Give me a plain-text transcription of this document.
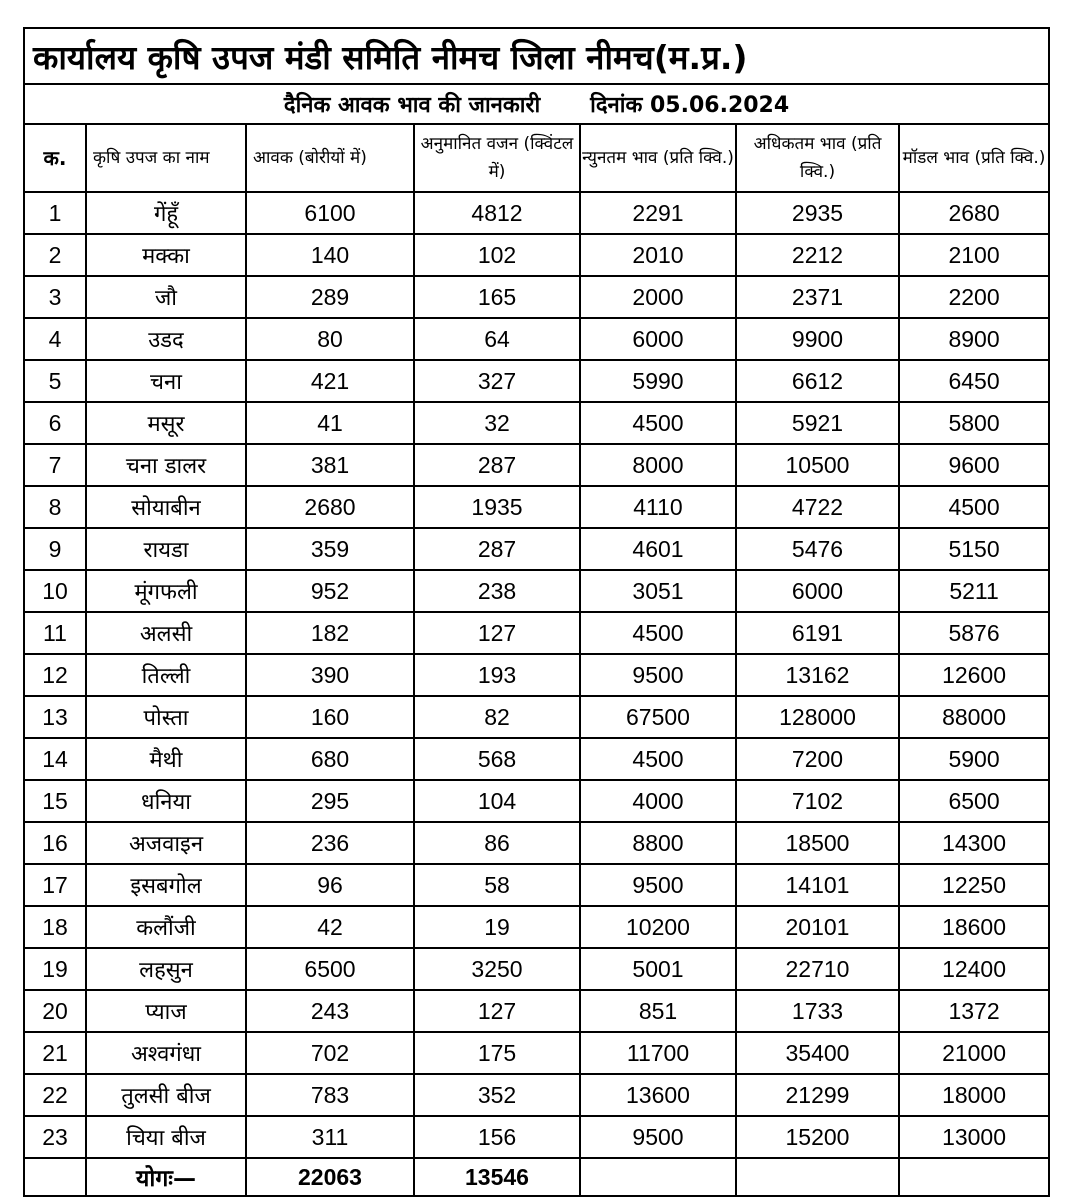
कार्यालय कृषि उपज मंडी समिति नीमच जिला नीमच(म.प्र.)						
दैनिक आवक भाव की जानकारी दिनांक 05.06.2024						
क.	कृषि उपज का नाम	आवक (बोरीयों में)	अनुमानित वजन (क्विंटल में)	न्युनतम भाव (प्रति क्वि.)	अधिकतम भाव (प्रति क्वि.)	मॉडल भाव (प्रति क्वि.)
1	गेंहूँ	6100	4812	2291	2935	2680
2	मक्का	140	102	2010	2212	2100
3	जौ	289	165	2000	2371	2200
4	उडद	80	64	6000	9900	8900
5	चना	421	327	5990	6612	6450
6	मसूर	41	32	4500	5921	5800
7	चना डालर	381	287	8000	10500	9600
8	सोयाबीन	2680	1935	4110	4722	4500
9	रायडा	359	287	4601	5476	5150
10	मूंगफली	952	238	3051	6000	5211
11	अलसी	182	127	4500	6191	5876
12	तिल्ली	390	193	9500	13162	12600
13	पोस्ता	160	82	67500	128000	88000
14	मैथी	680	568	4500	7200	5900
15	धनिया	295	104	4000	7102	6500
16	अजवाइन	236	86	8800	18500	14300
17	इसबगोल	96	58	9500	14101	12250
18	कलौंजी	42	19	10200	20101	18600
19	लहसुन	6500	3250	5001	22710	12400
20	प्याज	243	127	851	1733	1372
21	अश्वगंधा	702	175	11700	35400	21000
22	तुलसी बीज	783	352	13600	21299	18000
23	चिया बीज	311	156	9500	15200	13000
	योगः—	22063	13546			
